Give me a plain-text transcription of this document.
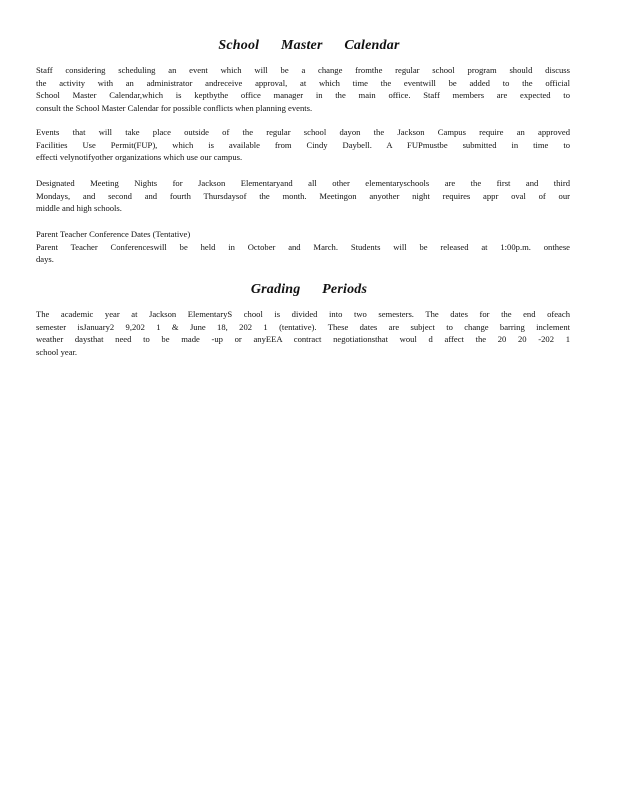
School Master Calendar
Staff considering scheduling an event which will be a change fromthe regular school program should discuss
the activity with an administrator andreceive approval, at which time the eventwill be added to the official
School Master Calendar,which is keptbythe office manager in the main office. Staff members are expected to
consult the School Master Calendar for possible conflicts when planning events.
Events that will take place outside of the regular school dayon the Jackson Campus require an approved
Facilities Use Permit(FUP), which is available from Cindy Daybell. A FUPmustbe submitted in time to
effecti velynotifyother organizations which use our campus.
Designated Meeting Nights for Jackson Elementaryand all other elementaryschools are the first and third
Mondays, and second and fourth Thursdaysof the month. Meetingon anyother night requires appr oval of our
middle and high schools.
Parent Teacher Conference Dates (Tentative)
Parent Teacher Conferenceswill be held in October and March. Students will be released at 1:00p.m. onthese
days.
Grading Periods
The academic year at Jackson ElementaryS chool is divided into two semesters. The dates for the end ofeach
semester isJanuary2 9,202 1 & June 18, 202 1 (tentative). These dates are subject to change barring inclement
weather daysthat need to be made -up or anyEEA contract negotiationsthat woul d affect the 20 20 -202 1
school year.
